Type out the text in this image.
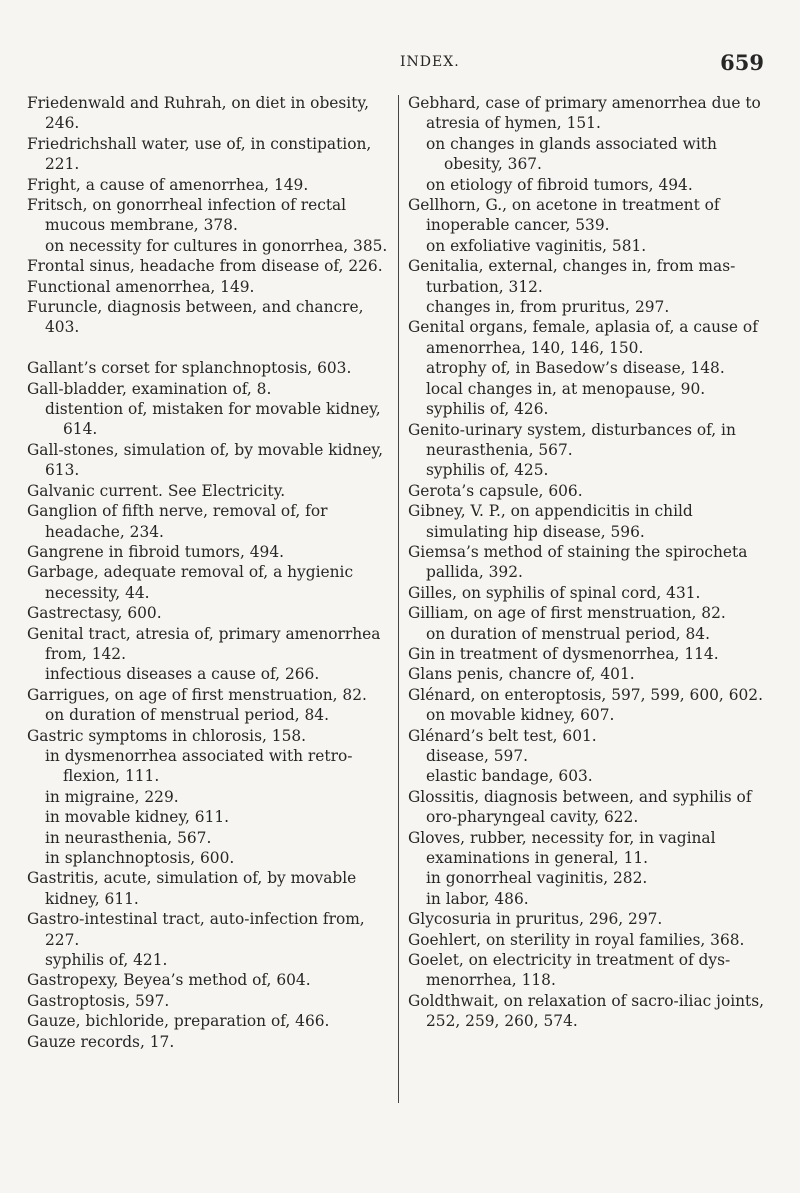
INDEX.	659
Friedenwald and Ruhrah, on diet in obesity, 246.
Friedrichshall water, use of, in constipation, 221.
Fright, a cause of amenorrhea, 149.
Fritsch, on gonorrheal infection of rectal mucous membrane, 378.
on necessity for cultures in gonorrhea, 385.
Frontal sinus, headache from disease of, 226.
Functional amenorrhea, 149.
Furuncle, diagnosis between, and chancre, 403.
Gallant’s corset for splanchnoptosis, 603.
Gall-bladder, examination of, 8.
distention of, mistaken for movable kidney, 614.
Gall-stones, simulation of, by movable kidney, 613.
Galvanic current. See Electricity.
Ganglion of fifth nerve, removal of, for headache, 234.
Gangrene in fibroid tumors, 494.
Garbage, adequate removal of, a hygienic necessity, 44.
Gastrectasy, 600.
Genital tract, atresia of, primary amenorrhea from, 142.
infectious diseases a cause of, 266.
Garrigues, on age of first menstruation, 82.
on duration of menstrual period, 84.
Gastric symptoms in chlorosis, 158.
in dysmenorrhea associated with retroflexion, 111.
in migraine, 229.
in movable kidney, 611.
in neurasthenia, 567.
in splanchnoptosis, 600.
Gastritis, acute, simulation of, by movable kidney, 611.
Gastro-intestinal tract, auto-infection from, 227.
syphilis of, 421.
Gastropexy, Beyea’s method of, 604.
Gastroptosis, 597.
Gauze, bichloride, preparation of, 466.
Gauze records, 17.
Gebhard, case of primary amenorrhea due to atresia of hymen, 151.
on changes in glands associated with obesity, 367.
on etiology of fibroid tumors, 494.
Gellhorn, G., on acetone in treatment of inoperable cancer, 539.
on exfoliative vaginitis, 581.
Genitalia, external, changes in, from masturbation, 312.
changes in, from pruritus, 297.
Genital organs, female, aplasia of, a cause of amenorrhea, 140, 146, 150.
atrophy of, in Basedow’s disease, 148.
local changes in, at menopause, 90.
syphilis of, 426.
Genito-urinary system, disturbances of, in neurasthenia, 567.
syphilis of, 425.
Gerota’s capsule, 606.
Gibney, V. P., on appendicitis in child simulating hip disease, 596.
Giemsa’s method of staining the spirocheta pallida, 392.
Gilles, on syphilis of spinal cord, 431.
Gilliam, on age of first menstruation, 82.
on duration of menstrual period, 84.
Gin in treatment of dysmenorrhea, 114.
Glans penis, chancre of, 401.
Glénard, on enteroptosis, 597, 599, 600, 602.
on movable kidney, 607.
Glénard’s belt test, 601.
disease, 597.
elastic bandage, 603.
Glossitis, diagnosis between, and syphilis of oro-pharyngeal cavity, 622.
Gloves, rubber, necessity for, in vaginal examinations in general, 11.
in gonorrheal vaginitis, 282.
in labor, 486.
Glycosuria in pruritus, 296, 297.
Goehlert, on sterility in royal families, 368.
Goelet, on electricity in treatment of dysmenorrhea, 118.
Goldthwait, on relaxation of sacro-iliac joints, 252, 259, 260, 574.
